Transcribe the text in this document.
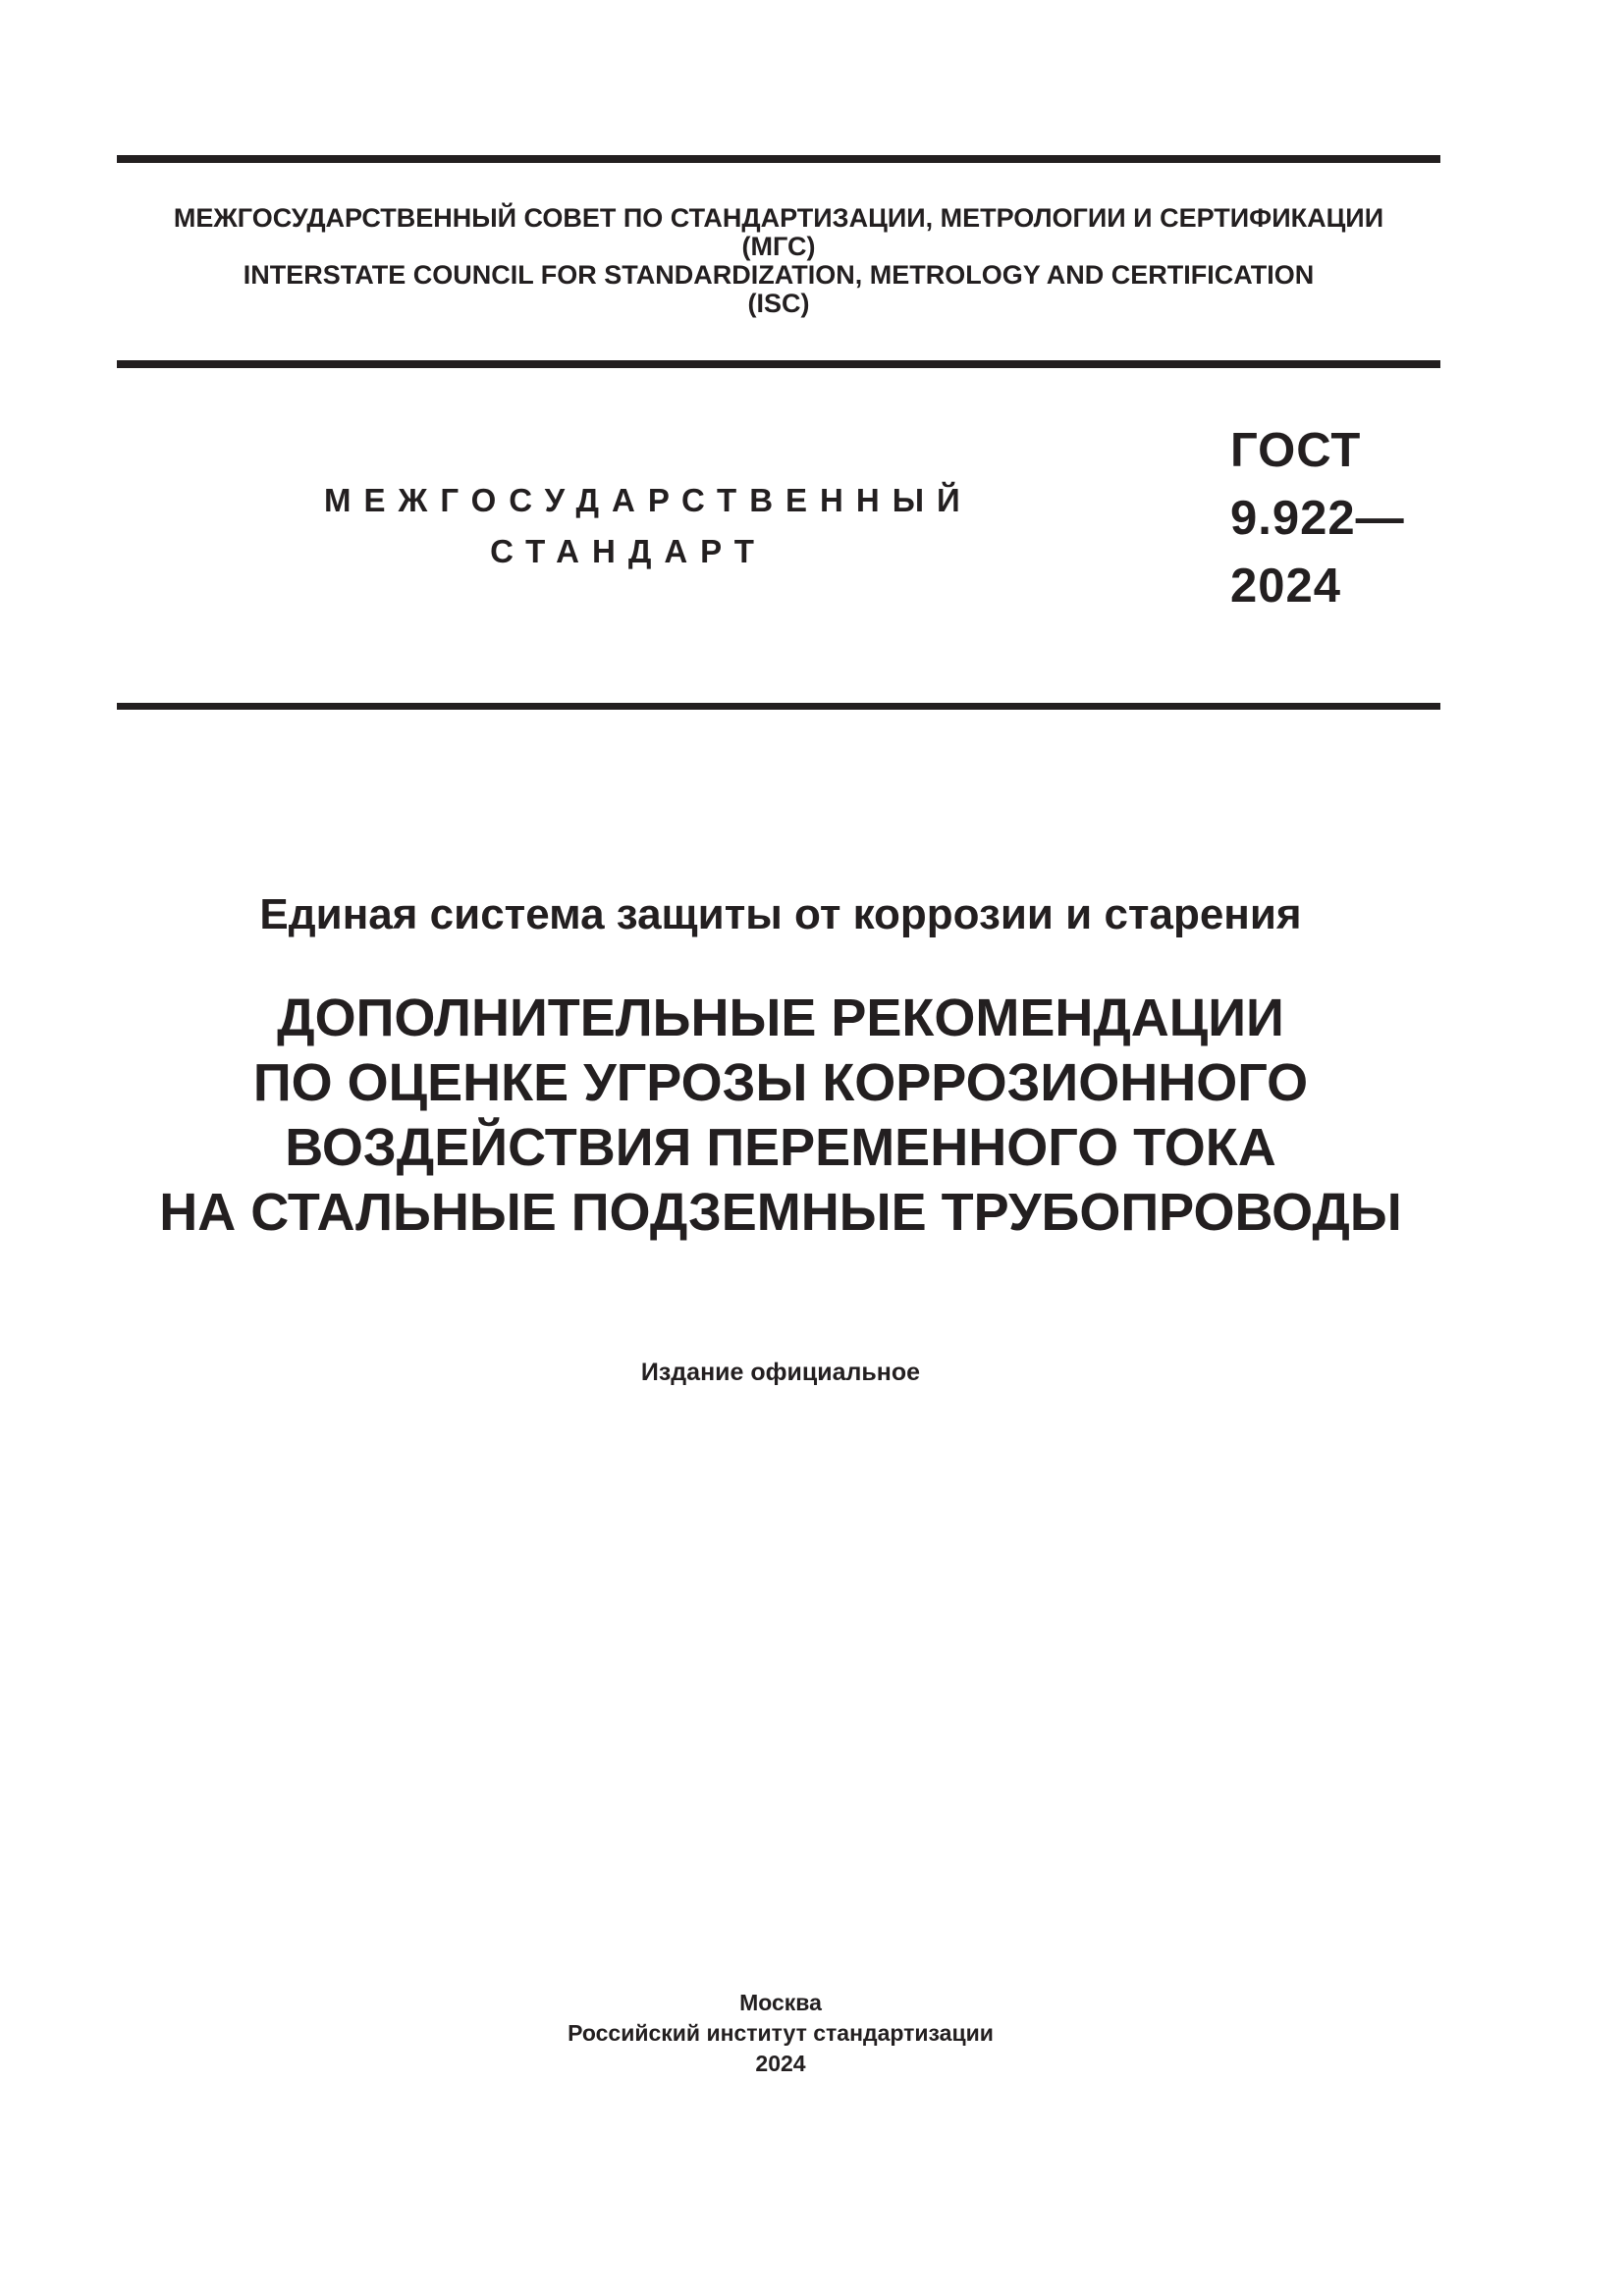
МЕЖГОСУДАРСТВЕННЫЙ СОВЕТ ПО СТАНДАРТИЗАЦИИ, МЕТРОЛОГИИ И СЕРТИФИКАЦИИ
(МГС)
INTERSTATE COUNCIL FOR STANDARDIZATION, METROLOGY AND CERTIFICATION
(ISC)
МЕЖГОСУДАРСТВЕННЫЙ
СТАНДАРТ
ГОСТ
9.922—
2024
Единая система защиты от коррозии и старения
ДОПОЛНИТЕЛЬНЫЕ РЕКОМЕНДАЦИИ
ПО ОЦЕНКЕ УГРОЗЫ КОРРОЗИОННОГО
ВОЗДЕЙСТВИЯ ПЕРЕМЕННОГО ТОКА
НА СТАЛЬНЫЕ ПОДЗЕМНЫЕ ТРУБОПРОВОДЫ
Издание официальное
Москва
Российский институт стандартизации
2024
